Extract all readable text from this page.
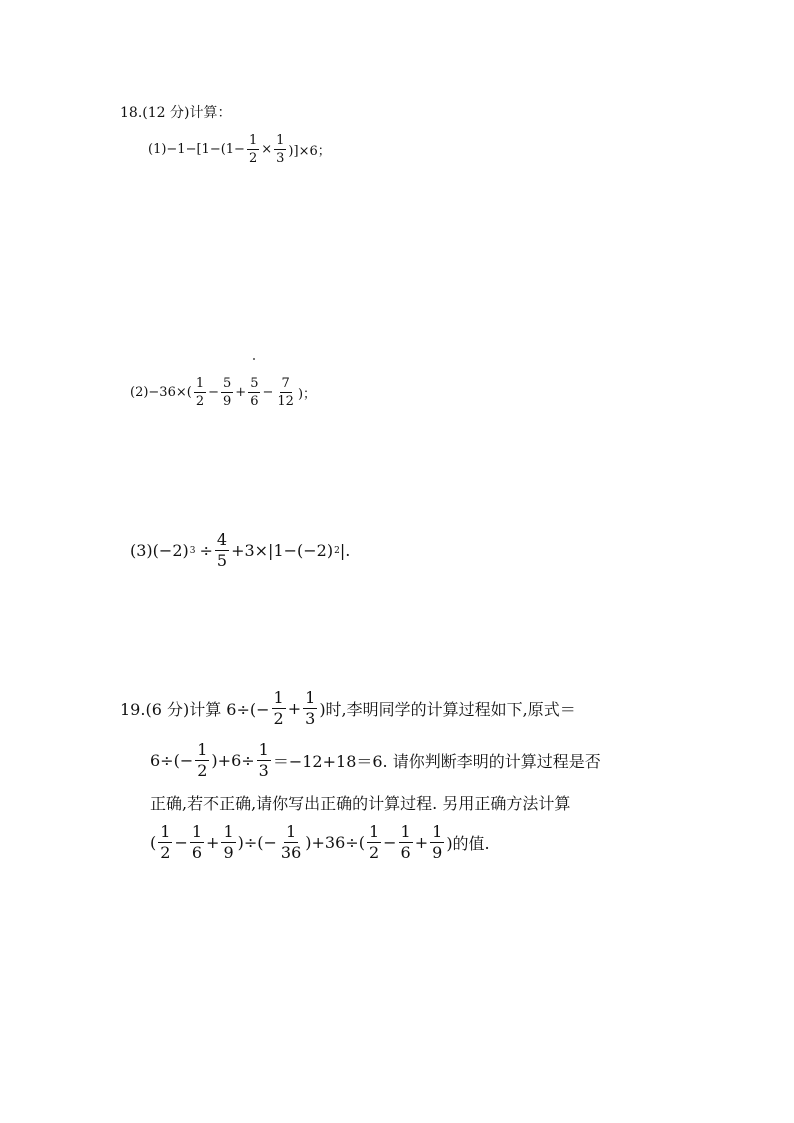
18.(12 分)计算：
$(1)-1-[1-(1- \frac{1}{2} \times \frac{1}{3} )]\times 6$；
$(2)-36\times( \frac{1}{2} - \frac{5}{9} + \frac{5}{6} - \frac{7}{12}$ )；
(3)(−2) $3 \div \frac{4}{5} +3\times|1-(-2)$ 2 |.
19.(6 分)计算 $6\div(- \frac{1}{2} + \frac{1}{3}$ )时,李明同学的计算过程如下,原式＝
$6\div(- \frac{1}{2} )+6\div \frac{1}{3} =-12+18=6$. 请你判断李明的计算过程是否
正确,若不正确,请你写出正确的计算过程. 另用正确方法计算
( $\frac{1}{2} - \frac{1}{6} + \frac{1}{9}$ )÷(− $\frac{1}{36} )+36\div( \frac{1}{2} - \frac{1}{6} + \frac{1}{9}$ )的值.
